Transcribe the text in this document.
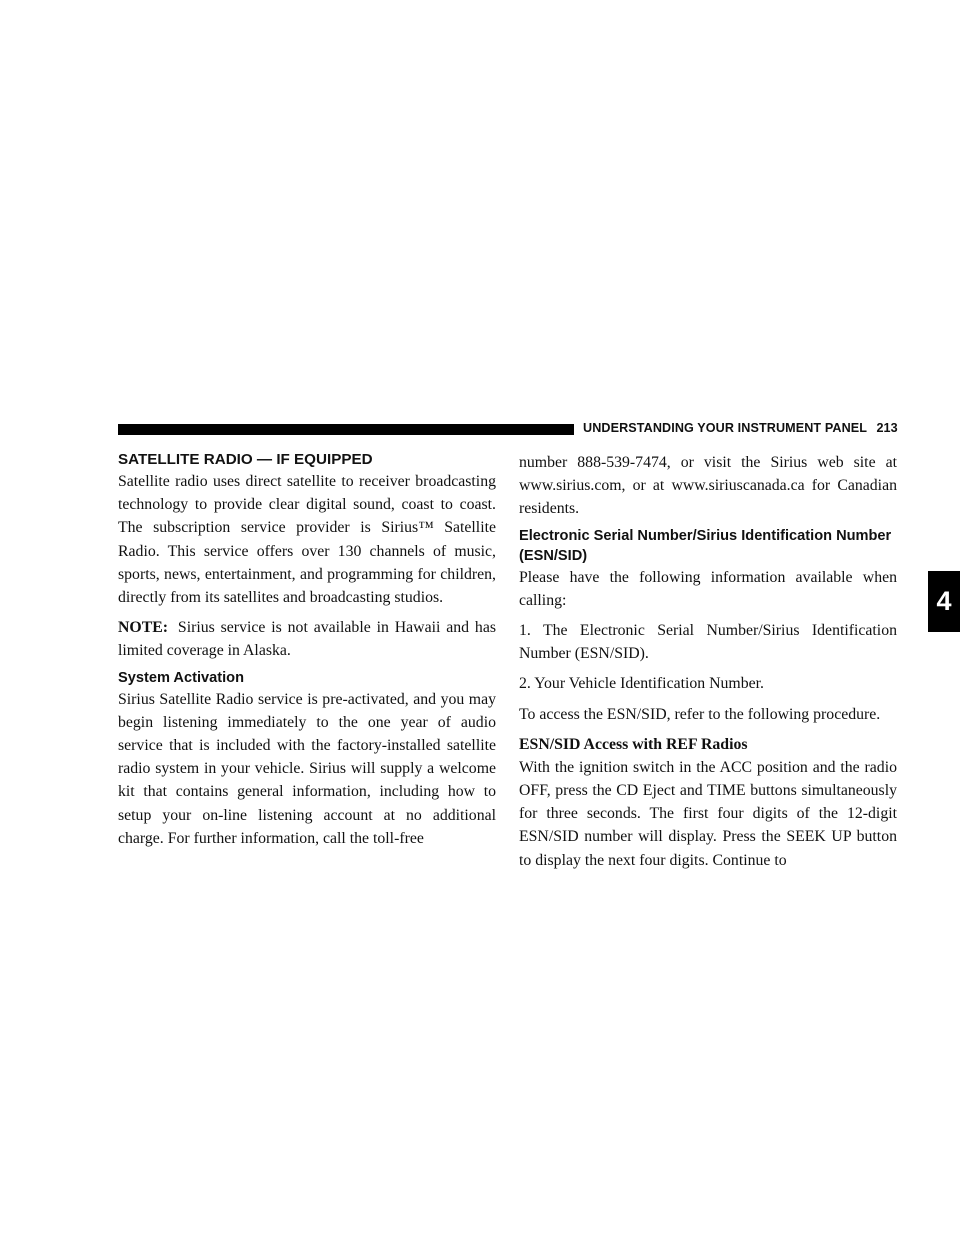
UNDERSTANDING YOUR INSTRUMENT PANEL 213
4
SATELLITE RADIO — IF EQUIPPED

Satellite radio uses direct satellite to receiver broadcasting technology to provide clear digital sound, coast to coast. The subscription service provider is Sirius™ Satellite Radio. This service offers over 130 channels of music, sports, news, entertainment, and programming for children, directly from its satellites and broadcasting studios.

NOTE: Sirius service is not available in Hawaii and has limited coverage in Alaska.

System Activation

Sirius Satellite Radio service is pre-activated, and you may begin listening immediately to the one year of audio service that is included with the factory-installed satellite radio system in your vehicle. Sirius will supply a welcome kit that contains general information, including how to setup your on-line listening account at no additional charge. For further information, call the toll-free

number 888-539-7474, or visit the Sirius web site at www.sirius.com, or at www.siriuscanada.ca for Canadian residents.

Electronic Serial Number/Sirius Identification Number (ESN/SID)

Please have the following information available when calling:

1. The Electronic Serial Number/Sirius Identification Number (ESN/SID).

2. Your Vehicle Identification Number.

To access the ESN/SID, refer to the following procedure.

ESN/SID Access with REF Radios

With the ignition switch in the ACC position and the radio OFF, press the CD Eject and TIME buttons simultaneously for three seconds. The first four digits of the 12-digit ESN/SID number will display. Press the SEEK UP button to display the next four digits. Continue to
